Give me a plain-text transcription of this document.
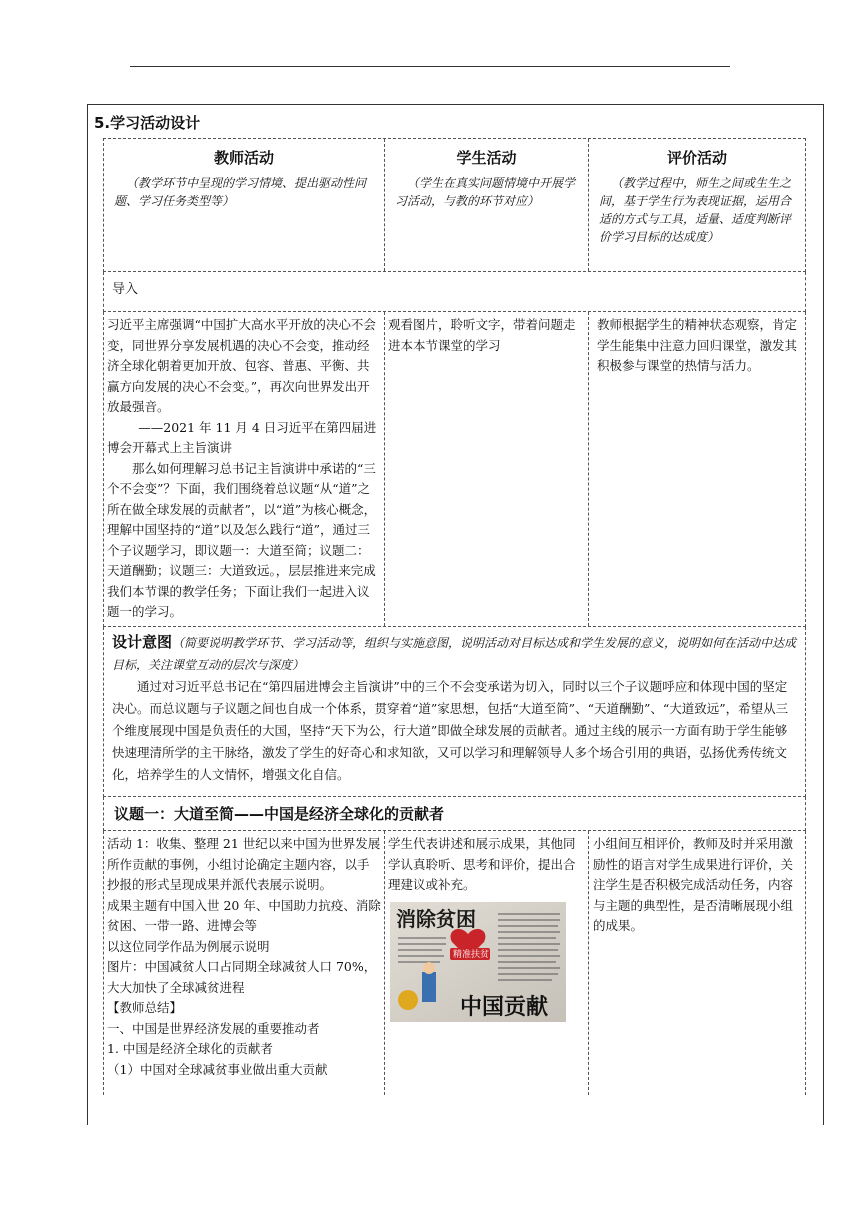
5.学习活动设计
教师活动
（教学环节中呈现的学习情境、提出驱动性问题、学习任务类型等）
学生活动
（学生在真实问题情境中开展学习活动，与教的环节对应）
评价活动
（教学过程中，师生之间或生生之间，基于学生行为表现证据，运用合适的方式与工具，适量、适度判断评价学习目标的达成度）
导入

习近平主席强调“中国扩大高水平开放的决心不会变，同世界分享发展机遇的决心不会变，推动经济全球化朝着更加开放、包容、普惠、平衡、共赢方向发展的决心不会变。”，再次向世界发出开放最强音。

——2021 年 11 月 4 日习近平在第四届进博会开幕式上主旨演讲

那么如何理解习总书记主旨演讲中承诺的“三个不会变”？下面，我们围绕着总议题“从“道”之所在做全球发展的贡献者”，以“道”为核心概念，理解中国坚持的“道”以及怎么践行“道”，通过三个子议题学习，即议题一：大道至简；议题二：天道酬勤；议题三：大道致远。，层层推进来完成我们本节课的教学任务；下面让我们一起进入议题一的学习。

观看图片，聆听文字，带着问题走进本本节课堂的学习

教师根据学生的精神状态观察，肯定学生能集中注意力回归课堂，激发其积极参与课堂的热情与活力。

设计意图（简要说明教学环节、学习活动等，组织与实施意图，说明活动对目标达成和学生发展的意义，说明如何在活动中达成目标，关注课堂互动的层次与深度）

通过对习近平总书记在“第四届进博会主旨演讲”中的三个不会变承诺为切入，同时以三个子议题呼应和体现中国的坚定决心。而总议题与子议题之间也自成一个体系，贯穿着“道”家思想，包括“大道至简”、“天道酬勤”、“大道致远”，希望从三个维度展现中国是负责任的大国，坚持“天下为公，行大道”即做全球发展的贡献者。通过主线的展示一方面有助于学生能够快速理清所学的主干脉络，激发了学生的好奇心和求知欲，又可以学习和理解领导人多个场合引用的典语，弘扬优秀传统文化，培养学生的人文情怀，增强文化自信。

议题一：大道至简——中国是经济全球化的贡献者

活动 1：收集、整理 21 世纪以来中国为世界发展所作贡献的事例，小组讨论确定主题内容，以手抄报的形式呈现成果并派代表展示说明。

成果主题有中国入世 20 年、中国助力抗疫、消除贫困、一带一路、进博会等

以这位同学作品为例展示说明

图片：中国减贫人口占同期全球减贫人口 70%，大大加快了全球减贫进程

【教师总结】

一、中国是世界经济发展的重要推动者

1. 中国是经济全球化的贡献者

（1）中国对全球减贫事业做出重大贡献

学生代表讲述和展示成果，其他同学认真聆听、思考和评价，提出合理建议或补充。

消除贫困
精准扶贫
中国贡献

小组间互相评价，教师及时并采用激励性的语言对学生成果进行评价，关注学生是否积极完成活动任务，内容与主题的典型性，是否清晰展现小组的成果。
